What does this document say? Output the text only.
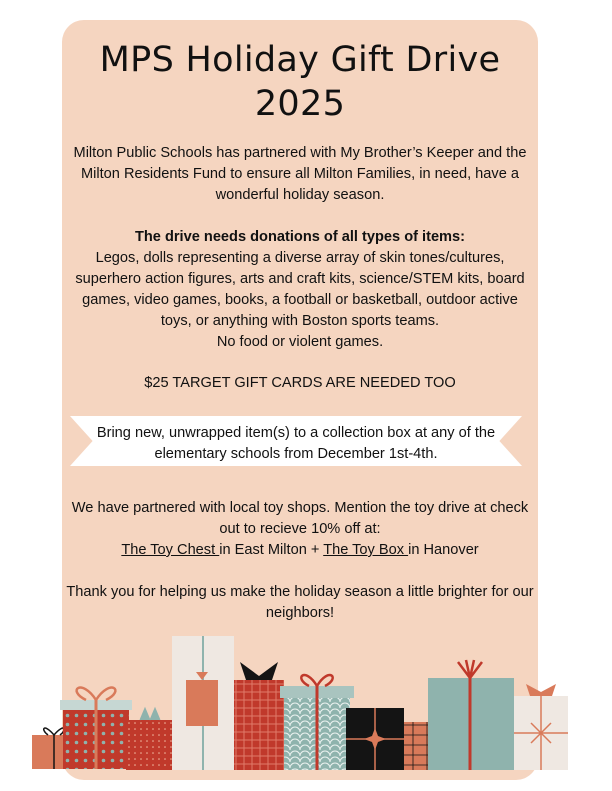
MPS Holiday Gift Drive
2025
Milton Public Schools has partnered with My Brother’s Keeper and the Milton Residents Fund to ensure all Milton Families, in need, have a wonderful holiday season.
The drive needs donations of all types of items:
Legos, dolls representing a diverse array of skin tones/cultures, superhero action figures, arts and craft kits, science/STEM kits, board games, video games, books, a football or basketball, outdoor active toys, or anything with Boston sports teams.
No food or violent games.
$25 TARGET GIFT CARDS ARE NEEDED TOO
Bring new, unwrapped item(s) to a collection box at any of the elementary schools from December 1st-4th.
We have partnered with local toy shops. Mention the toy drive at check out to recieve 10% off at:
The Toy Chest in East Milton + The Toy Box in Hanover
Thank you for helping us make the holiday season a little brighter for our neighbors!
